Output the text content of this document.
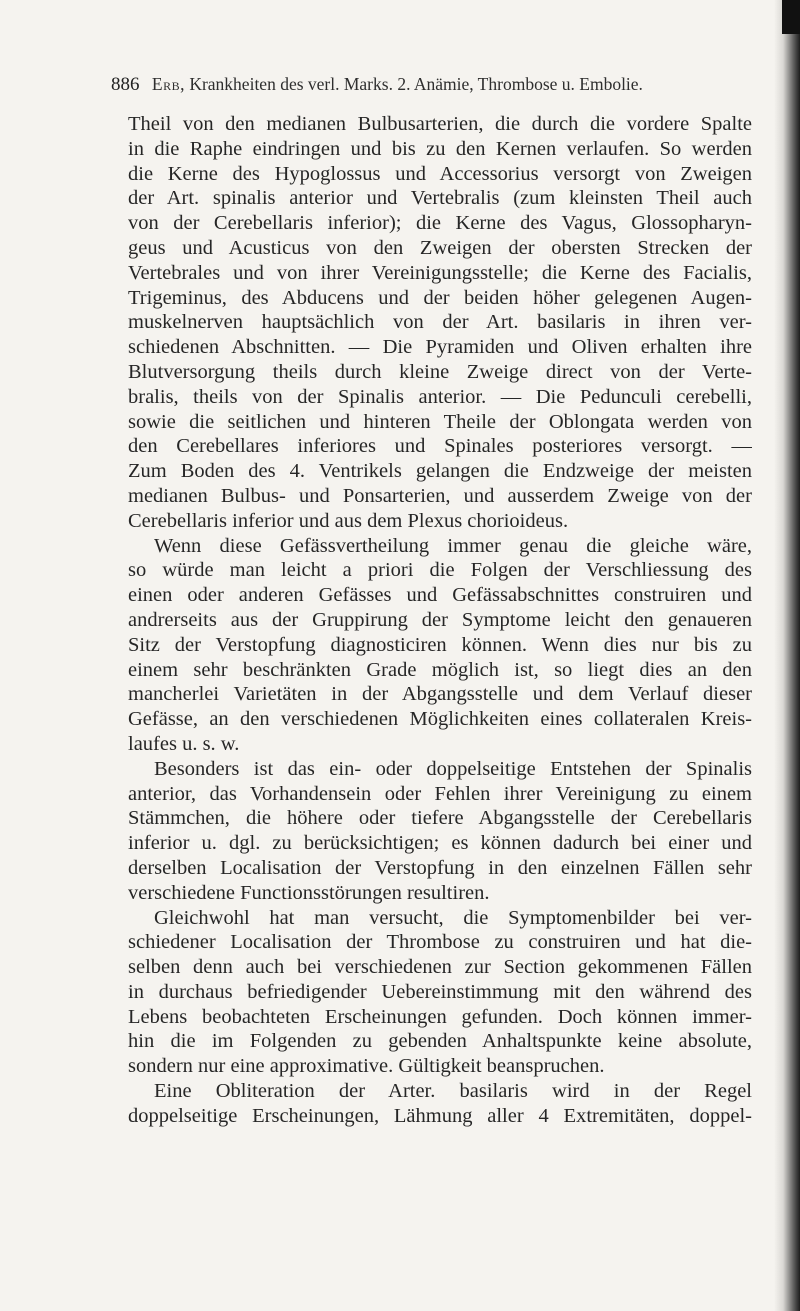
886 Erb, Krankheiten des verl. Marks. 2. Anämie, Thrombose u. Embolie.
Theil von den medianen Bulbusarterien, die durch die vordere Spalte
in die Raphe eindringen und bis zu den Kernen verlaufen. So werden
die Kerne des Hypoglossus und Accessorius versorgt von Zweigen
der Art. spinalis anterior und Vertebralis (zum kleinsten Theil auch
von der Cerebellaris inferior); die Kerne des Vagus, Glossopharyn-
geus und Acusticus von den Zweigen der obersten Strecken der
Vertebrales und von ihrer Vereinigungsstelle; die Kerne des Facialis,
Trigeminus, des Abducens und der beiden höher gelegenen Augen-
muskelnerven hauptsächlich von der Art. basilaris in ihren ver-
schiedenen Abschnitten. — Die Pyramiden und Oliven erhalten ihre
Blutversorgung theils durch kleine Zweige direct von der Verte-
bralis, theils von der Spinalis anterior. — Die Pedunculi cerebelli,
sowie die seitlichen und hinteren Theile der Oblongata werden von
den Cerebellares inferiores und Spinales posteriores versorgt. —
Zum Boden des 4. Ventrikels gelangen die Endzweige der meisten
medianen Bulbus- und Ponsarterien, und ausserdem Zweige von der
Cerebellaris inferior und aus dem Plexus chorioideus.
Wenn diese Gefässvertheilung immer genau die gleiche wäre,
so würde man leicht a priori die Folgen der Verschliessung des
einen oder anderen Gefässes und Gefässabschnittes construiren und
andrerseits aus der Gruppirung der Symptome leicht den genaueren
Sitz der Verstopfung diagnosticiren können. Wenn dies nur bis zu
einem sehr beschränkten Grade möglich ist, so liegt dies an den
mancherlei Varietäten in der Abgangsstelle und dem Verlauf dieser
Gefässe, an den verschiedenen Möglichkeiten eines collateralen Kreis-
laufes u. s. w.
Besonders ist das ein- oder doppelseitige Entstehen der Spinalis
anterior, das Vorhandensein oder Fehlen ihrer Vereinigung zu einem
Stämmchen, die höhere oder tiefere Abgangsstelle der Cerebellaris
inferior u. dgl. zu berücksichtigen; es können dadurch bei einer und
derselben Localisation der Verstopfung in den einzelnen Fällen sehr
verschiedene Functionsstörungen resultiren.
Gleichwohl hat man versucht, die Symptomenbilder bei ver-
schiedener Localisation der Thrombose zu construiren und hat die-
selben denn auch bei verschiedenen zur Section gekommenen Fällen
in durchaus befriedigender Uebereinstimmung mit den während des
Lebens beobachteten Erscheinungen gefunden. Doch können immer-
hin die im Folgenden zu gebenden Anhaltspunkte keine absolute,
sondern nur eine approximative. Gültigkeit beanspruchen.
Eine Obliteration der Arter. basilaris wird in der Regel
doppelseitige Erscheinungen, Lähmung aller 4 Extremitäten, doppel-
